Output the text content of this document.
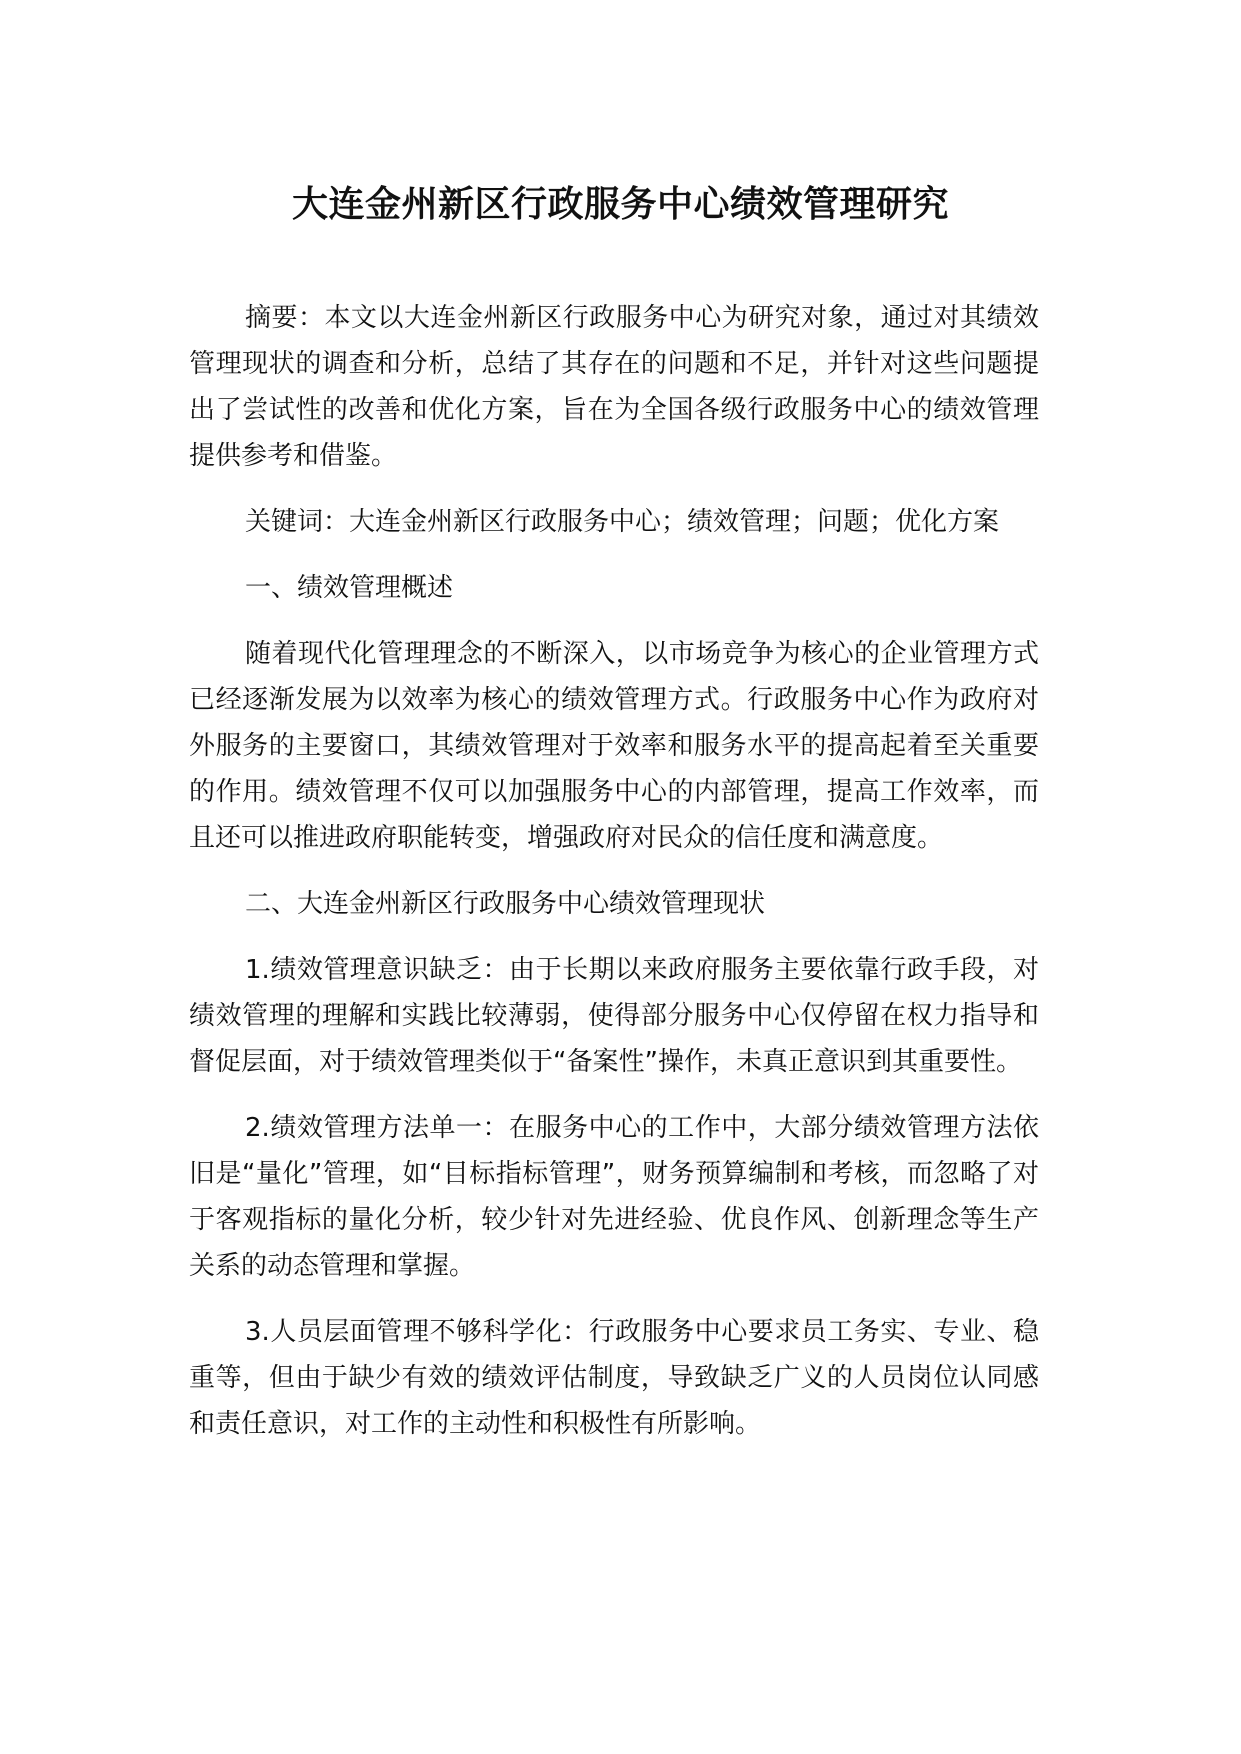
大连金州新区行政服务中心绩效管理研究

摘要：本文以大连金州新区行政服务中心为研究对象，通过对其绩效管理现状的调查和分析，总结了其存在的问题和不足，并针对这些问题提出了尝试性的改善和优化方案，旨在为全国各级行政服务中心的绩效管理提供参考和借鉴。

关键词：大连金州新区行政服务中心；绩效管理；问题；优化方案

一、绩效管理概述

随着现代化管理理念的不断深入，以市场竞争为核心的企业管理方式已经逐渐发展为以效率为核心的绩效管理方式。行政服务中心作为政府对外服务的主要窗口，其绩效管理对于效率和服务水平的提高起着至关重要的作用。绩效管理不仅可以加强服务中心的内部管理，提高工作效率，而且还可以推进政府职能转变，增强政府对民众的信任度和满意度。

二、大连金州新区行政服务中心绩效管理现状

1.绩效管理意识缺乏：由于长期以来政府服务主要依靠行政手段，对绩效管理的理解和实践比较薄弱，使得部分服务中心仅停留在权力指导和督促层面，对于绩效管理类似于“备案性”操作，未真正意识到其重要性。

2.绩效管理方法单一：在服务中心的工作中，大部分绩效管理方法依旧是“量化”管理，如“目标指标管理”，财务预算编制和考核，而忽略了对于客观指标的量化分析，较少针对先进经验、优良作风、创新理念等生产关系的动态管理和掌握。

3.人员层面管理不够科学化：行政服务中心要求员工务实、专业、稳重等，但由于缺少有效的绩效评估制度，导致缺乏广义的人员岗位认同感和责任意识，对工作的主动性和积极性有所影响。
